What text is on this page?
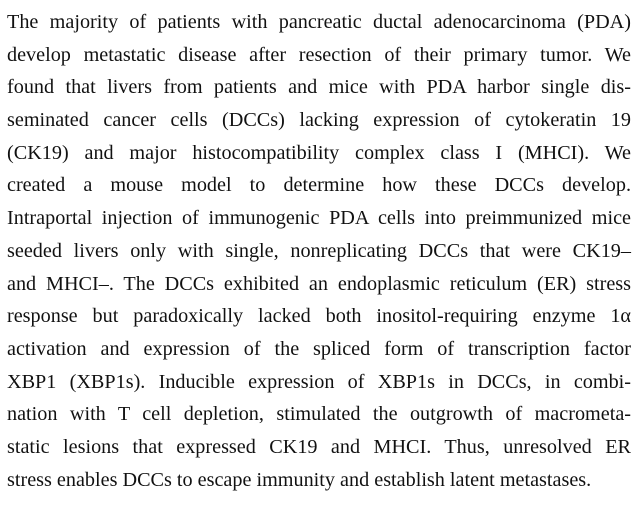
The majority of patients with pancreatic ductal adenocarcinoma (PDA)
develop metastatic disease after resection of their primary tumor. We
found that livers from patients and mice with PDA harbor single dis-
seminated cancer cells (DCCs) lacking expression of cytokeratin 19
(CK19) and major histocompatibility complex class I (MHCI). We
created a mouse model to determine how these DCCs develop.
Intraportal injection of immunogenic PDA cells into preimmunized mice
seeded livers only with single, nonreplicating DCCs that were CK19–
and MHCI–. The DCCs exhibited an endoplasmic reticulum (ER) stress
response but paradoxically lacked both inositol-requiring enzyme 1α
activation and expression of the spliced form of transcription factor
XBP1 (XBP1s). Inducible expression of XBP1s in DCCs, in combi-
nation with T cell depletion, stimulated the outgrowth of macrometa-
static lesions that expressed CK19 and MHCI. Thus, unresolved ER
stress enables DCCs to escape immunity and establish latent metastases.
